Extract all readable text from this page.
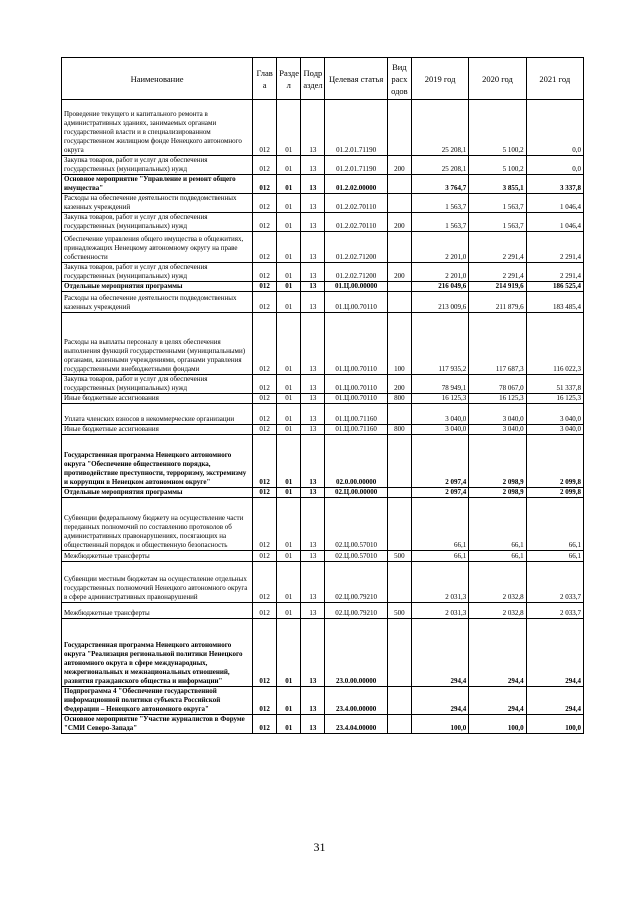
Наименование	Глав а	Разде л	Подр аздел	Целевая статья	Вид расх одов	2019 год	2020 год	2021 год
Проведение текущего и капитального ремонта в административных зданиях, занимаемых органами государственной власти и в специализированном государственном жилищном фонде Ненецкого автономного округа	012	01	13	01.2.01.71190		25 208,1	5 100,2	0,0
Закупка товаров, работ и услуг для обеспечения государственных (муниципальных) нужд	012	01	13	01.2.01.71190	200	25 208,1	5 100,2	0,0
Основное мероприятие "Управление и ремонт общего имущества"	012	01	13	01.2.02.00000		3 764,7	3 855,1	3 337,8
Расходы на обеспечение деятельности подведомственных казенных учреждений	012	01	13	01.2.02.70110		1 563,7	1 563,7	1 046,4
Закупка товаров, работ и услуг для обеспечения государственных (муниципальных) нужд	012	01	13	01.2.02.70110	200	1 563,7	1 563,7	1 046,4
Обеспечение управления общего имущества в общежитиях, принадлежащих Ненецкому автономному округу на праве собственности	012	01	13	01.2.02.71200		2 201,0	2 291,4	2 291,4
Закупка товаров, работ и услуг для обеспечения государственных (муниципальных) нужд	012	01	13	01.2.02.71200	200	2 201,0	2 291,4	2 291,4
Отдельные мероприятия программы	012	01	13	01.Ц.00.00000		216 049,6	214 919,6	186 525,4
Расходы на обеспечение деятельности подведомственных казенных учреждений	012	01	13	01.Ц.00.70110		213 009,6	211 879,6	183 485,4
Расходы на выплаты персоналу в целях обеспечения выполнения функций государственными (муниципальными) органами, казенными учреждениями, органами управления государственными внебюджетными фондами	012	01	13	01.Ц.00.70110	100	117 935,2	117 687,3	116 022,3
Закупка товаров, работ и услуг для обеспечения государственных (муниципальных) нужд	012	01	13	01.Ц.00.70110	200	78 949,1	78 067,0	51 337,8
Иные бюджетные ассигнования	012	01	13	01.Ц.00.70110	800	16 125,3	16 125,3	16 125,3
Уплата членских взносов в некоммерческие организации	012	01	13	01.Ц.00.71160		3 040,0	3 040,0	3 040,0
Иные бюджетные ассигнования	012	01	13	01.Ц.00.71160	800	3 040,0	3 040,0	3 040,0
Государственная программа Ненецкого автономного округа "Обеспечение общественного порядка, противодействие преступности, терроризму, экстремизму и коррупции в Ненецком автономном округе"	012	01	13	02.0.00.00000		2 097,4	2 098,9	2 099,8
Отдельные мероприятия программы	012	01	13	02.Ц.00.00000		2 097,4	2 098,9	2 099,8
Субвенции федеральному бюджету на осуществление части переданных полномочий по составлению протоколов об административных правонарушениях, посягающих на общественный порядок и общественную безопасность	012	01	13	02.Ц.00.57010		66,1	66,1	66,1
Межбюджетные трансферты	012	01	13	02.Ц.00.57010	500	66,1	66,1	66,1
Субвенции местным бюджетам на осуществление отдельных государственных полномочий Ненецкого автономного округа в сфере административных правонарушений	012	01	13	02.Ц.00.79210		2 031,3	2 032,8	2 033,7
Межбюджетные трансферты	012	01	13	02.Ц.00.79210	500	2 031,3	2 032,8	2 033,7
Государственная программа Ненецкого автономного округа "Реализация региональной политики Ненецкого автономного округа в сфере международных, межрегиональных и межнациональных отношений, развития гражданского общества и информации"	012	01	13	23.0.00.00000		294,4	294,4	294,4
Подпрограмма 4 "Обеспечение государственной информационной политики субъекта Российской Федерации – Ненецкого автономного округа"	012	01	13	23.4.00.00000		294,4	294,4	294,4
Основное мероприятие "Участие журналистов в Форуме "СМИ Северо-Запада"	012	01	13	23.4.04.00000		100,0	100,0	100,0
31
